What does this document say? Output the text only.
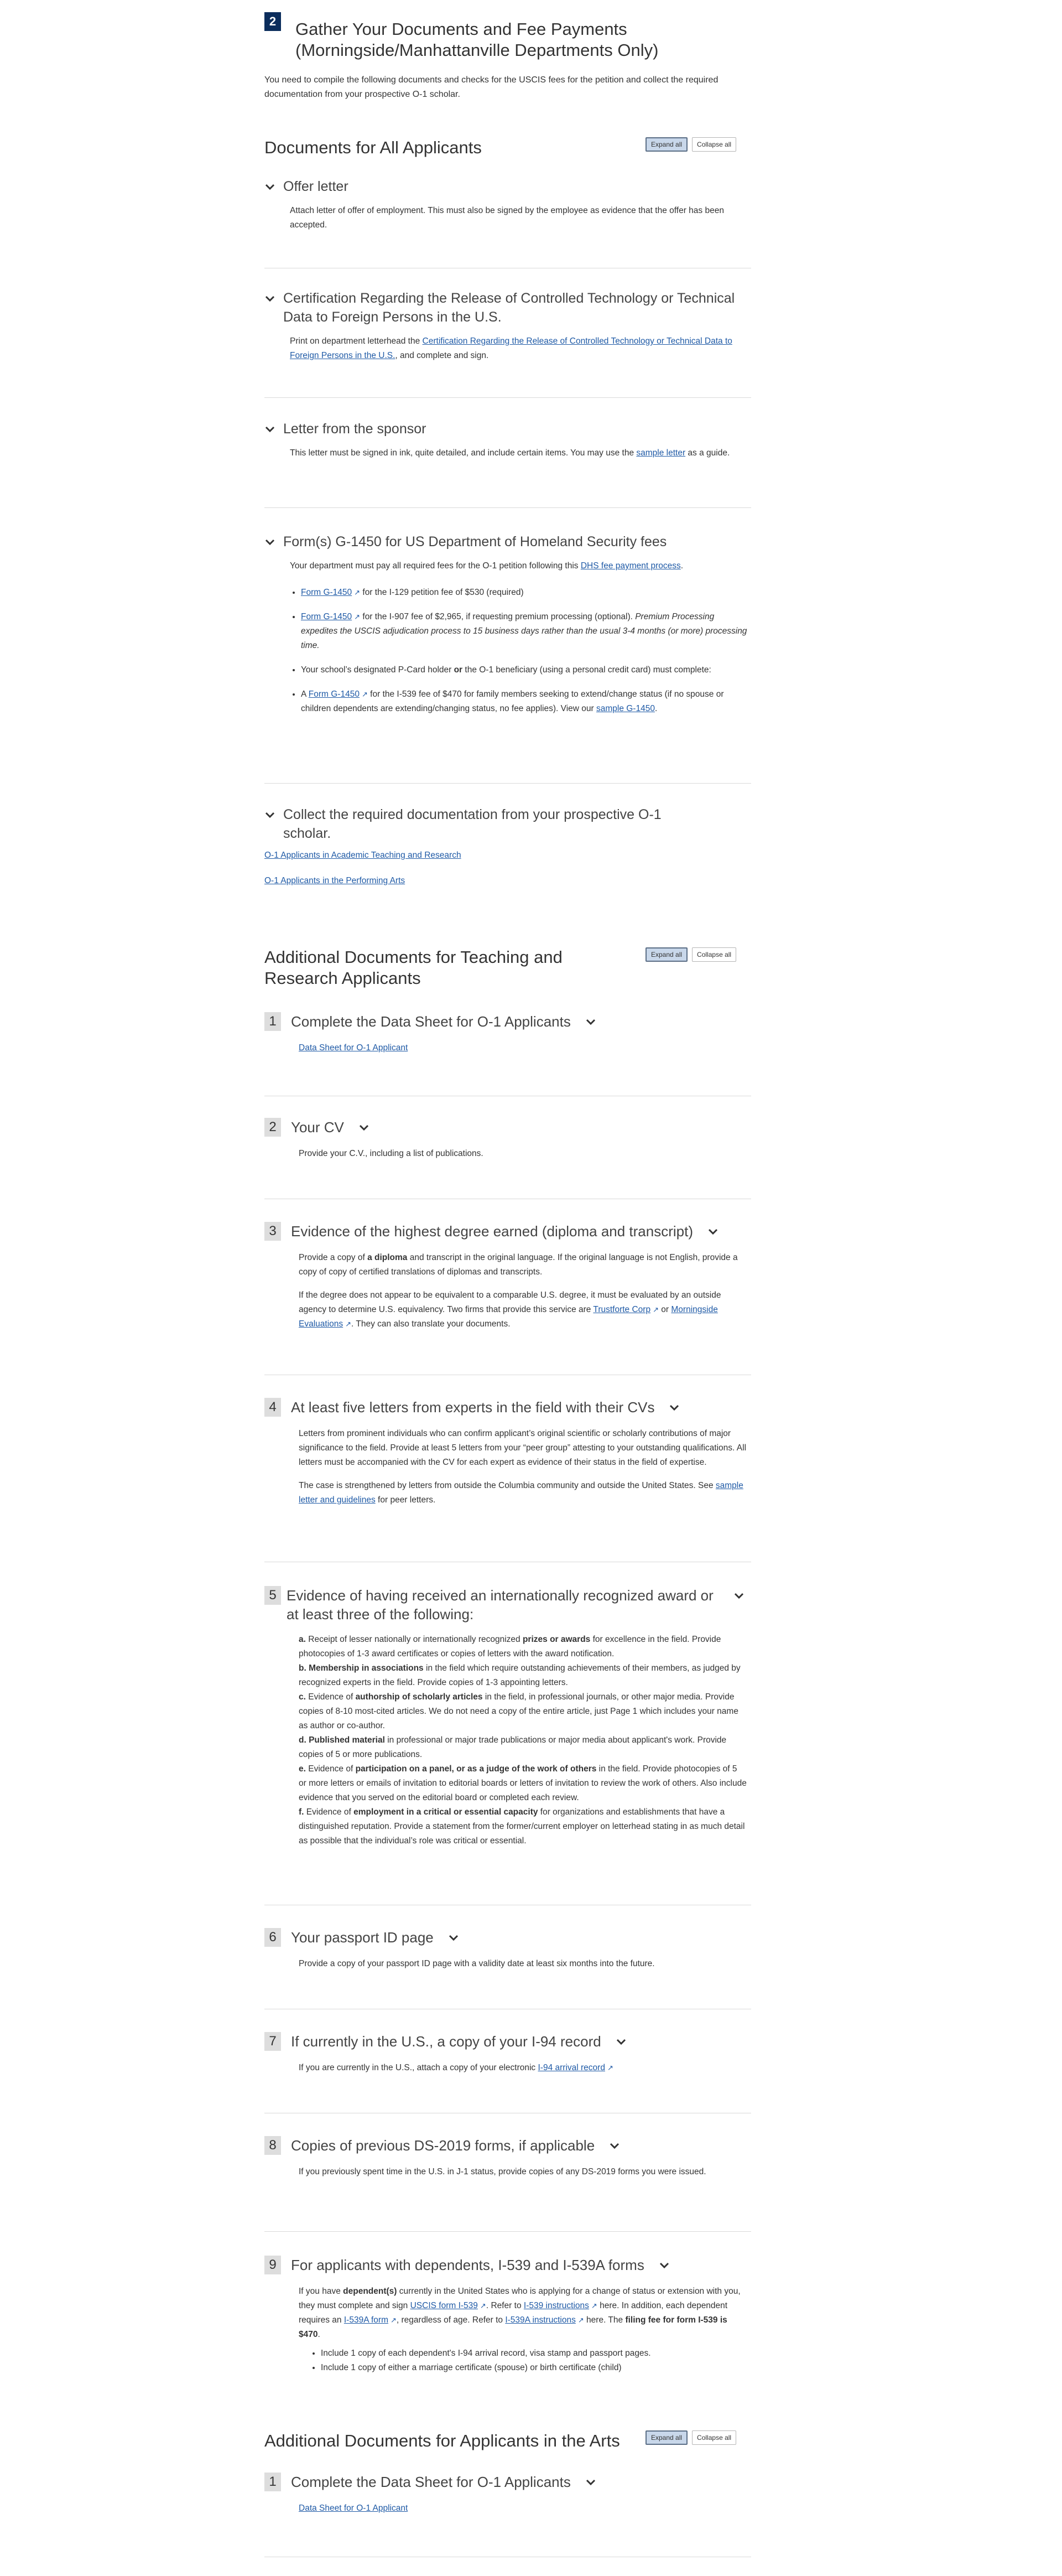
2 Gather Your Documents and Fee Payments (Morningside/Manhattanville Departments Only)
You need to compile the following documents and checks for the USCIS fees for the petition and collect the required documentation from your prospective O-1 scholar.
Documents for All Applicants	Expand all	Collapse all
Offer letter
Attach letter of offer of employment. This must also be signed by the employee as evidence that the offer has been accepted.
Certification Regarding the Release of Controlled Technology or Technical Data to Foreign Persons in the U.S.
Print on department letterhead the Certification Regarding the Release of Controlled Technology or Technical Data to Foreign Persons in the U.S., and complete and sign.
Letter from the sponsor
This letter must be signed in ink, quite detailed, and include certain items. You may use the sample letter as a guide.
Form(s) G-1450 for US Department of Homeland Security fees
Your department must pay all required fees for the O-1 petition following this DHS fee payment process.
• Form G-1450 ↗ for the I-129 petition fee of $530 (required)
• Form G-1450 ↗ for the I-907 fee of $2,965, if requesting premium processing (optional). Premium Processing expedites the USCIS adjudication process to 15 business days rather than the usual 3-4 months (or more) processing time.
• Your school’s designated P-Card holder or the O-1 beneficiary (using a personal credit card) must complete:
• A Form G-1450 ↗ for the I-539 fee of $470 for family members seeking to extend/change status (if no spouse or children dependents are extending/changing status, no fee applies). View our sample G-1450.
Collect the required documentation from your prospective O-1 scholar.
O-1 Applicants in Academic Teaching and Research
O-1 Applicants in the Performing Arts
Additional Documents for Teaching and Research Applicants
Expand all	Collapse all
1	Complete the Data Sheet for O-1 Applicants
Data Sheet for O-1 Applicant
2	Your CV
Provide your C.V., including a list of publications.
3	Evidence of the highest degree earned (diploma and transcript)

Provide a copy of a diploma and transcript in the original language. If the original language is not English, provide a copy of copy of certified translations of diplomas and transcripts.

If the degree does not appear to be equivalent to a comparable U.S. degree, it must be evaluated by an outside agency to determine U.S. equivalency. Two firms that provide this service are Trustforte Corp ↗ or Morningside Evaluations ↗. They can also translate your documents.

4	At least five letters from experts in the field with their CVs

Letters from prominent individuals who can confirm applicant’s original scientific or scholarly contributions of major significance to the field. Provide at least 5 letters from your “peer group” attesting to your outstanding qualifications. All letters must be accompanied with the CV for each expert as evidence of their status in the field of expertise.

The case is strengthened by letters from outside the Columbia community and outside the United States. See sample letter and guidelines for peer letters.

5 Evidence of having received an internationally recognized award or at least three of the following:
a. Receipt of lesser nationally or internationally recognized prizes or awards for excellence in the field. Provide photocopies of 1-3 award certificates or copies of letters with the award notification.
b. Membership in associations in the field which require outstanding achievements of their members, as judged by recognized experts in the field. Provide copies of 1-3 appointing letters.
c. Evidence of authorship of scholarly articles in the field, in professional journals, or other major media. Provide copies of 8-10 most-cited articles. We do not need a copy of the entire article, just Page 1 which includes your name as author or co-author.
d. Published material in professional or major trade publications or major media about applicant's work. Provide copies of 5 or more publications.
e. Evidence of participation on a panel, or as a judge of the work of others in the field. Provide photocopies of 5 or more letters or emails of invitation to editorial boards or letters of invitation to review the work of others. Also include evidence that you served on the editorial board or completed each review.
f. Evidence of employment in a critical or essential capacity for organizations and establishments that have a distinguished reputation. Provide a statement from the former/current employer on letterhead stating in as much detail as possible that the individual’s role was critical or essential.
6	Your passport ID page
Provide a copy of your passport ID page with a validity date at least six months into the future.
7	If currently in the U.S., a copy of your I-94 record
If you are currently in the U.S., attach a copy of your electronic I-94 arrival record ↗
8	Copies of previous DS-2019 forms, if applicable
If you previously spent time in the U.S. in J-1 status, provide copies of any DS-2019 forms you were issued.
9	For applicants with dependents, I-539 and I-539A forms

If you have dependent(s) currently in the United States who is applying for a change of status or extension with you, they must complete and sign USCIS form I-539 ↗. Refer to I-539 instructions ↗ here. In addition, each dependent requires an I-539A form ↗, regardless of age. Refer to I-539A instructions ↗ here. The filing fee for form I-539 is $470.

• Include 1 copy of each dependent's I-94 arrival record, visa stamp and passport pages.
• Include 1 copy of either a marriage certificate (spouse) or birth certificate (child)
Additional Documents for Applicants in the Arts	Expand all	Collapse all
1	Complete the Data Sheet for O-1 Applicants
Data Sheet for O-1 Applicant
